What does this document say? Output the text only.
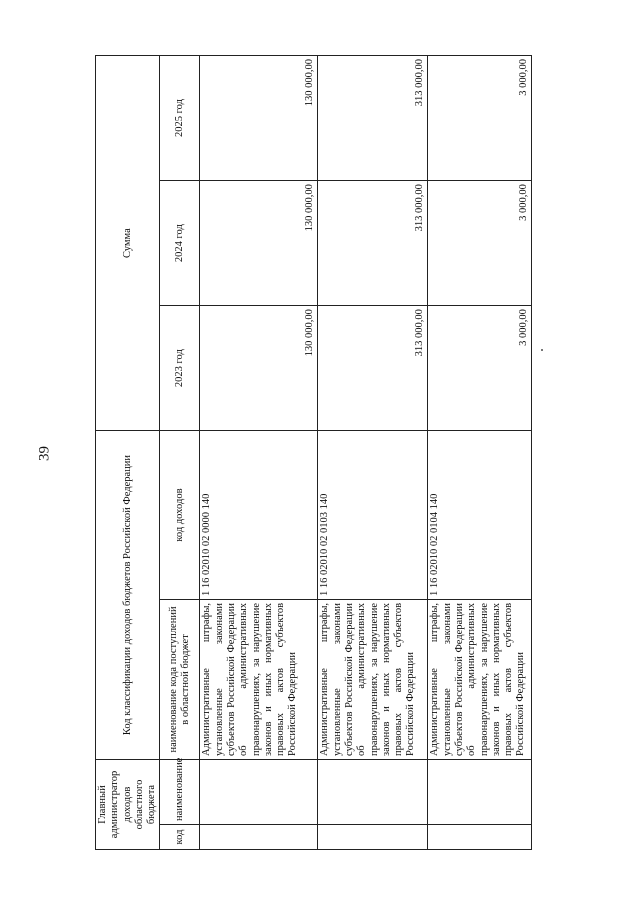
39
Главный администратор доходов областного бюджета		Код классификации доходов бюджетов Российской Федерации		Сумма		
код	наименование	наименование кода поступлений в областной бюджет	код доходов	2023 год	2024 год	2025 год
		Административные штрафы, установленные законами субъектов Российской Федерации об административных правонарушениях, за нарушение законов и иных нормативных правовых актов субъектов Российской Федерации	1 16 02010 02 0000 140	130 000,00	130 000,00	130 000,00
		Административные штрафы, установленные законами субъектов Российской Федерации об административных правонарушениях, за нарушение законов и иных нормативных правовых актов субъектов Российской Федерации	1 16 02010 02 0103 140	313 000,00	313 000,00	313 000,00
		Административные штрафы, установленные законами субъектов Российской Федерации об административных правонарушениях, за нарушение законов и иных нормативных правовых актов субъектов Российской Федерации	1 16 02010 02 0104 140	3 000,00	3 000,00	3 000,00
